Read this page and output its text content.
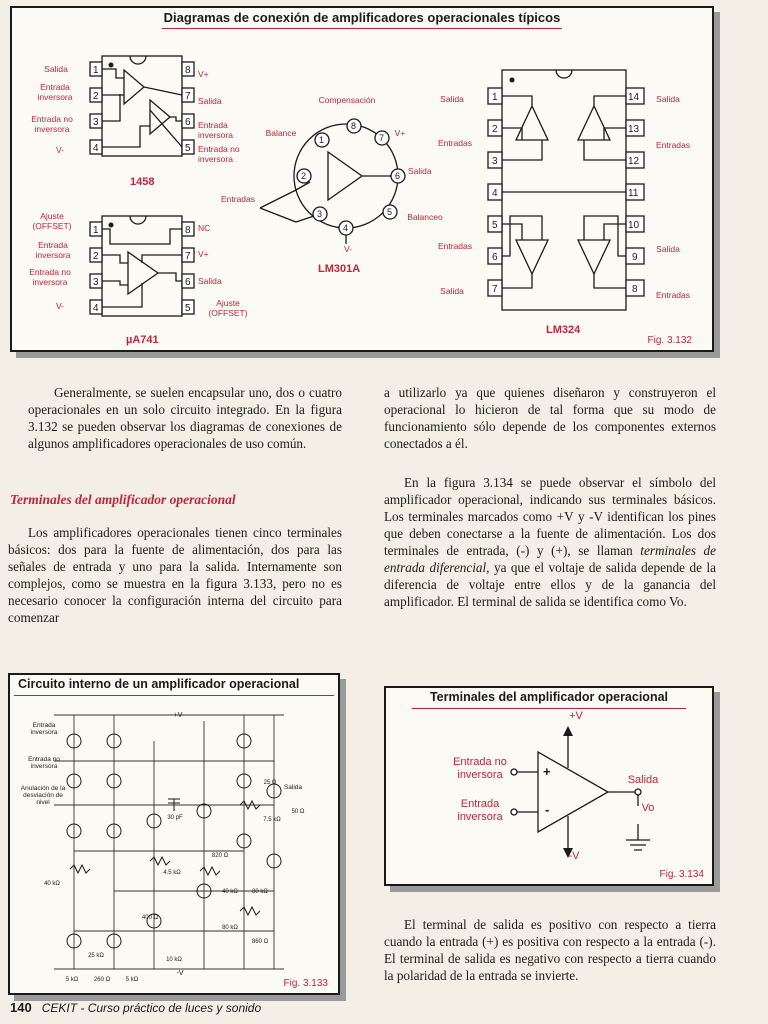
Diagramas de conexión de amplificadores operacionales típicos
1
2
3
4
8
7
6
5
Salida
Entrada inversora
Entrada no inversora
V-
V+
Salida
Entrada inversora
Entrada no inversora
1458
1
2
3
4
8
7
6
5
Ajuste (OFFSET)
Entrada inversora
Entrada no inversora
V-
NC
V+
Salida
Ajuste (OFFSET)
µA741
1
2
3
4
5
6
7
8
Compensación
Balance	V+
Salida
Balanceo
V-
Entradas
LM301A
1
2
3
4
5
6
7
14
13
12
11
10
9
8
Salida
Entradas
Entradas
Salida
Salida
Entradas
Salida
Entradas
LM324
Fig. 3.132

Generalmente, se suelen encapsular uno, dos o cuatro operacionales en un solo circuito integrado. En la figura 3.132 se pueden observar los diagramas de conexiones de algunos amplificadores operacionales de uso común.

Terminales del amplificador operacional

Los amplificadores operacionales tienen cinco terminales básicos: dos para la fuente de alimentación, dos para las señales de entrada y uno para la salida. Internamente son complejos, como se muestra en la figura 3.133, pero no es necesario conocer la configuración interna del circuito para comenzar

a utilizarlo ya que quienes diseñaron y construyeron el operacional lo hicieron de tal forma que su modo de funcionamiento sólo depende de los componentes externos conectados a él.

En la figura 3.134 se puede observar el símbolo del amplificador operacional, indicando sus terminales básicos. Los terminales marcados como +V y -V identifican los pines que deben conectarse a la fuente de alimentación. Los dos terminales de entrada, (-) y (+), se llaman terminales de entrada diferencial, ya que el voltaje de salida depende de la diferencia de voltaje entre ellos y de la ganancia del amplificador. El terminal de salida se identifica como Vo.

Circuito interno de un amplificador operacional
Entrada inversora
Entrada no inversora
Anulación de la desviación de nivel
Salida
+V
-V
30 pF
25 Ω
50 Ω
7.5 kΩ
40 kΩ
820 Ω
4.5 kΩ
40 kΩ	80 kΩ
400 Ω
80 kΩ
860 Ω
25 kΩ
10 kΩ
5 kΩ	260 Ω	5 kΩ	Fig. 3.133
Terminales del amplificador operacional
+
-
+V
-V
Entrada no inversora
Entrada inversora
Salida
Vo
Fig. 3.134

El terminal de salida es positivo con respecto a tierra cuando la entrada (+) es positiva con respecto a la entrada (-). El terminal de salida es negativo con respecto a tierra cuando la polaridad de la entrada se invierte.

140 CEKIT - Curso práctico de luces y sonido
